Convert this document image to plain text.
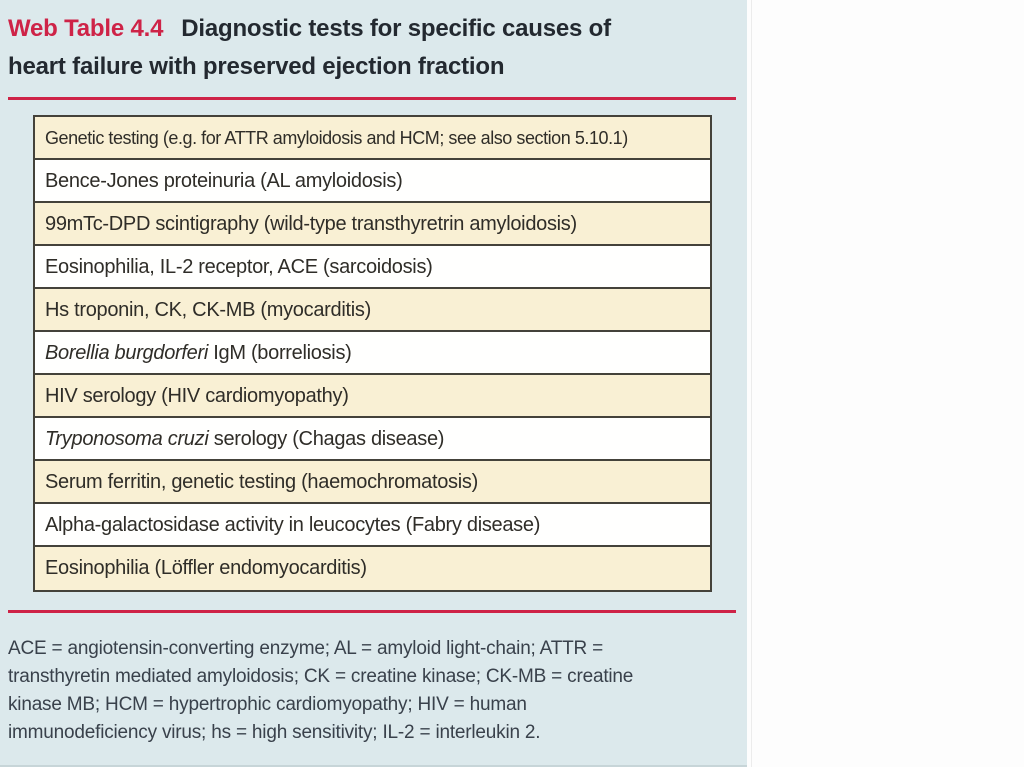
Web Table 4.4 Diagnostic tests for specific causes of
heart failure with preserved ejection fraction
Genetic testing (e.g. for ATTR amyloidosis and HCM; see also section 5.10.1)
Bence-Jones proteinuria (AL amyloidosis)
99mTc-DPD scintigraphy (wild-type transthyretrin amyloidosis)
Eosinophilia, IL-2 receptor, ACE (sarcoidosis)
Hs troponin, CK, CK-MB (myocarditis)
Borellia burgdorferi IgM (borreliosis)
HIV serology (HIV cardiomyopathy)
Tryponosoma cruzi serology (Chagas disease)
Serum ferritin, genetic testing (haemochromatosis)
Alpha-galactosidase activity in leucocytes (Fabry disease)
Eosinophilia (Löffler endomyocarditis)
ACE = angiotensin-converting enzyme; AL = amyloid light-chain; ATTR =
transthyretin mediated amyloidosis; CK = creatine kinase; CK-MB = creatine
kinase MB; HCM = hypertrophic cardiomyopathy; HIV = human
immunodeficiency virus; hs = high sensitivity; IL-2 = interleukin 2.
